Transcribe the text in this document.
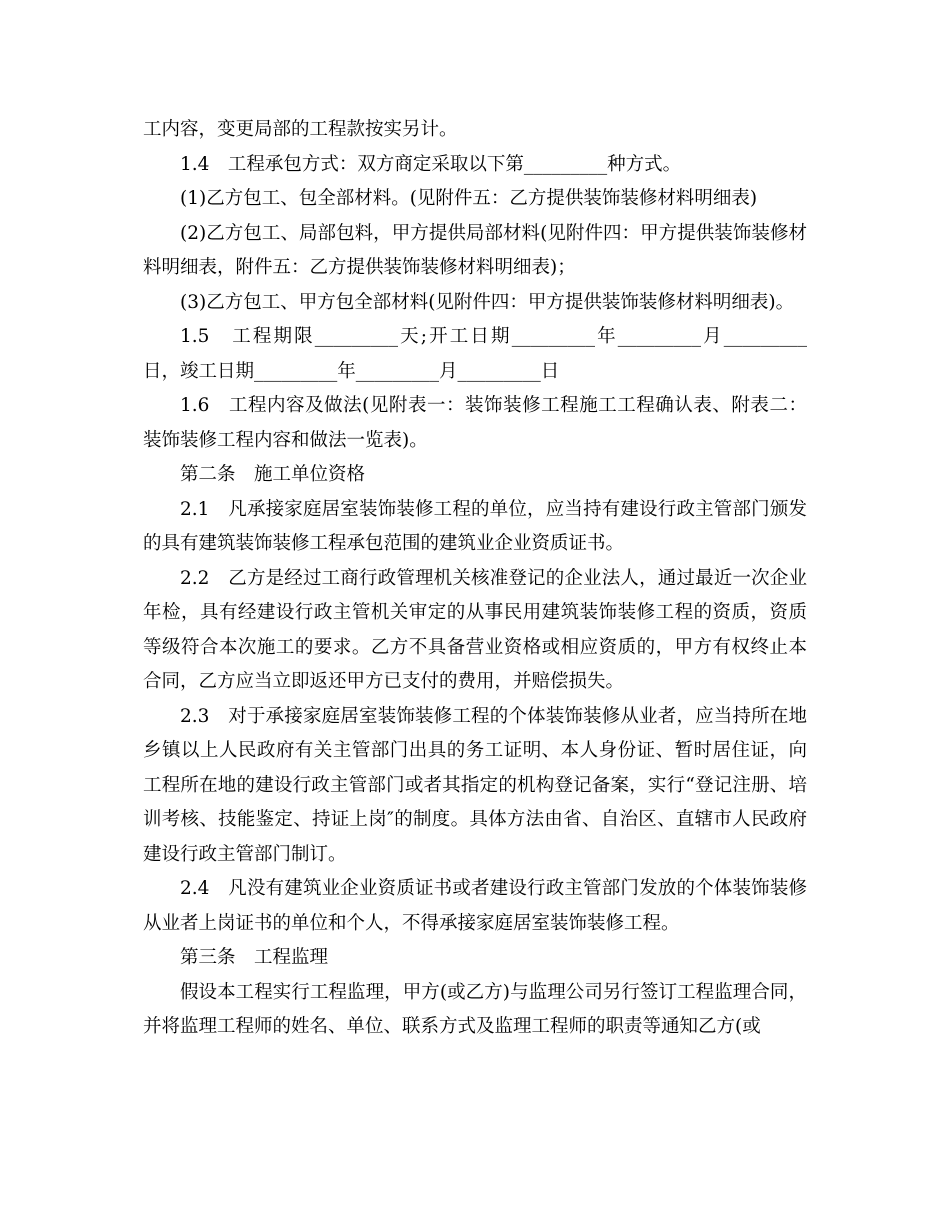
工内容，变更局部的工程款按实另计。

1.4　工程承包方式：双方商定采取以下第_________种方式。

(1)乙方包工、包全部材料。(见附件五：乙方提供装饰装修材料明细表)

(2)乙方包工、局部包料，甲方提供局部材料(见附件四：甲方提供装饰装修材料明细表，附件五：乙方提供装饰装修材料明细表)；

(3)乙方包工、甲方包全部材料(见附件四：甲方提供装饰装修材料明细表)。

1.5　工程期限_________天;开工日期_________年_________月_________日，竣工日期_________年_________月_________日

1.6　工程内容及做法(见附表一：装饰装修工程施工工程确认表、附表二：装饰装修工程内容和做法一览表)。

第二条　施工单位资格

2.1　凡承接家庭居室装饰装修工程的单位，应当持有建设行政主管部门颁发的具有建筑装饰装修工程承包范围的建筑业企业资质证书。

2.2　乙方是经过工商行政管理机关核准登记的企业法人，通过最近一次企业年检，具有经建设行政主管机关审定的从事民用建筑装饰装修工程的资质，资质等级符合本次施工的要求。乙方不具备营业资格或相应资质的，甲方有权终止本合同，乙方应当立即返还甲方已支付的费用，并赔偿损失。

2.3　对于承接家庭居室装饰装修工程的个体装饰装修从业者，应当持所在地乡镇以上人民政府有关主管部门出具的务工证明、本人身份证、暂时居住证，向工程所在地的建设行政主管部门或者其指定的机构登记备案，实行“登记注册、培训考核、技能鉴定、持证上岗″的制度。具体方法由省、自治区、直辖市人民政府建设行政主管部门制订。

2.4　凡没有建筑业企业资质证书或者建设行政主管部门发放的个体装饰装修从业者上岗证书的单位和个人，不得承接家庭居室装饰装修工程。

第三条　工程监理

假设本工程实行工程监理，甲方(或乙方)与监理公司另行签订工程监理合同，并将监理工程师的姓名、单位、联系方式及监理工程师的职责等通知乙方(或
